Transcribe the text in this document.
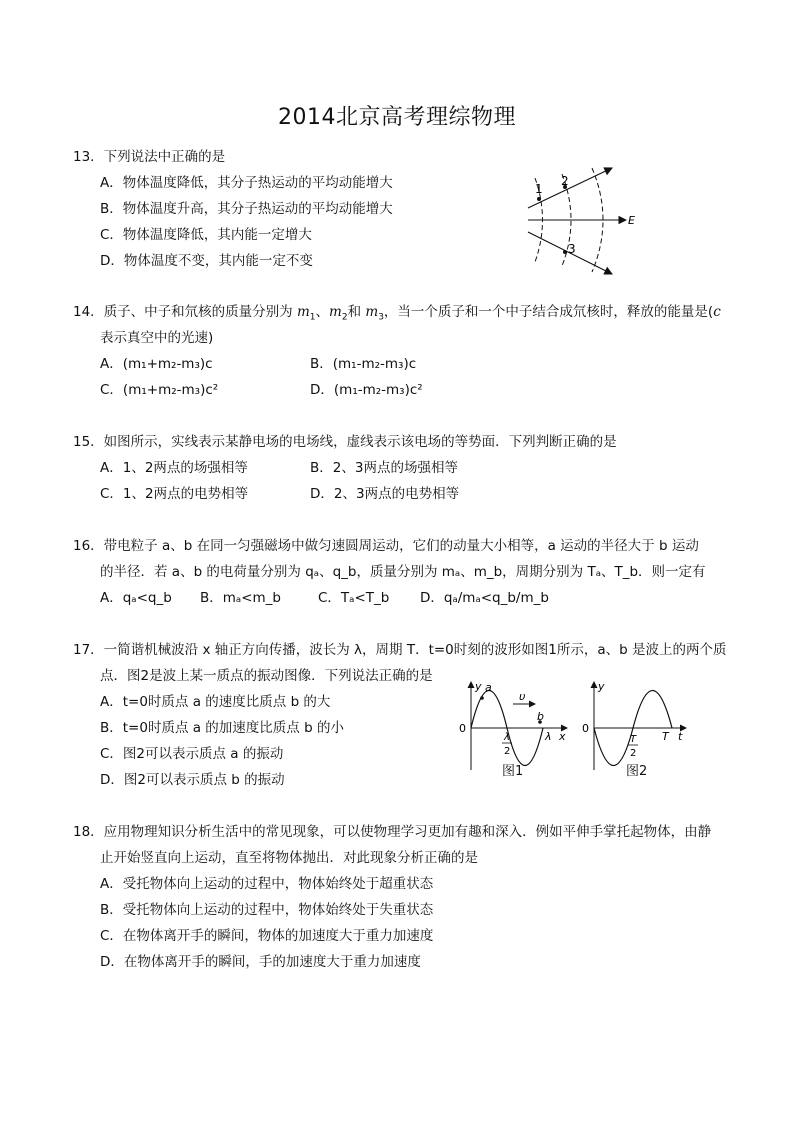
2014北京高考理综物理
13．下列说法中正确的是
A．物体温度降低，其分子热运动的平均动能增大
B．物体温度升高，其分子热运动的平均动能增大
C．物体温度降低，其内能一定增大
D．物体温度不变，其内能一定不变
1
2
3
E
14．质子、中子和氘核的质量分别为 $m_1$、$m_2$和 $m_3$，当一个质子和一个中子结合成氘核时，释放的能量是(c
表示真空中的光速)
A．(m₁+m₂-m₃)c	B．(m₁-m₂-m₃)c
C．(m₁+m₂-m₃)c²	D．(m₁-m₂-m₃)c²
15．如图所示，实线表示某静电场的电场线，虚线表示该电场的等势面．下列判断正确的是
A．1、2两点的场强相等	B．2、3两点的场强相等
C．1、2两点的电势相等	D．2、3两点的电势相等
16．带电粒子 a、b 在同一匀强磁场中做匀速圆周运动，它们的动量大小相等，a 运动的半径大于 b 运动
的半径．若 a、b 的电荷量分别为 qₐ、q_b，质量分别为 mₐ、m_b，周期分别为 Tₐ、T_b．则一定有
A．qₐ<q_b B．mₐ<m_b	C．Tₐ<T_b D．qₐ/mₐ<q_b/m_b
17．一简谐机械波沿 x 轴正方向传播，波长为 λ，周期 T．t=0时刻的波形如图1所示，a、b 是波上的两个质
点．图2是波上某一质点的振动图像．下列说法正确的是
A．t=0时质点 a 的速度比质点 b 的大
B．t=0时质点 a 的加速度比质点 b 的小
C．图2可以表示质点 a 的振动
D．图2可以表示质点 b 的振动
y a
υ
b
0
λ
2
λ x
图1
y
0
T
2
T t
图2
18．应用物理知识分析生活中的常见现象，可以使物理学习更加有趣和深入．例如平伸手掌托起物体，由静
止开始竖直向上运动，直至将物体抛出．对此现象分析正确的是
A．受托物体向上运动的过程中，物体始终处于超重状态
B．受托物体向上运动的过程中，物体始终处于失重状态
C．在物体离开手的瞬间，物体的加速度大于重力加速度
D．在物体离开手的瞬间，手的加速度大于重力加速度
